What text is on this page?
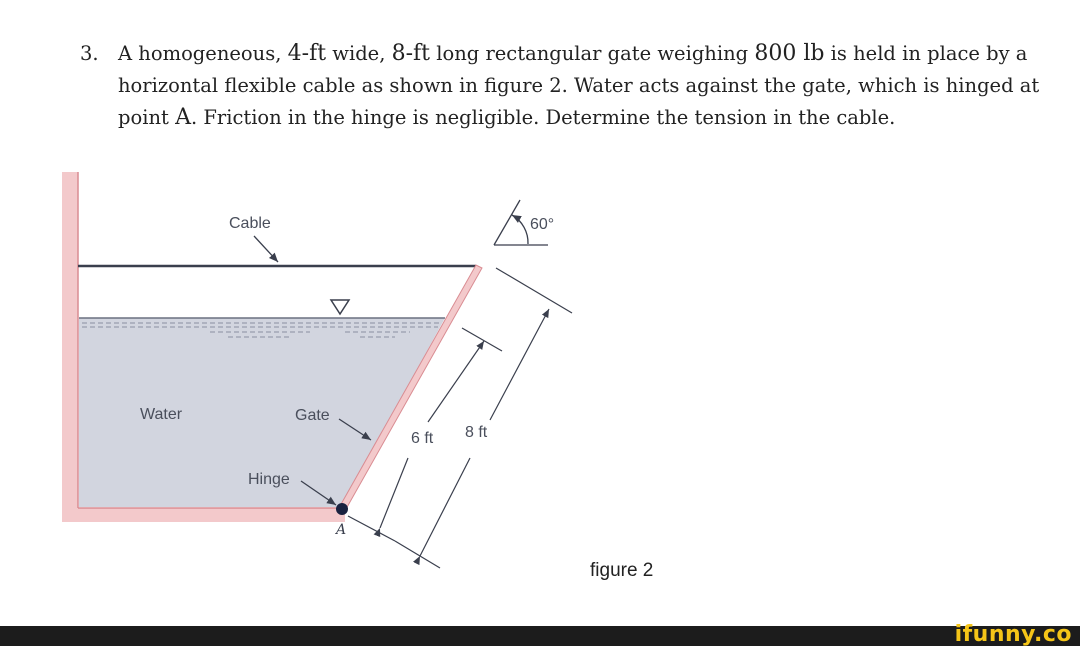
3. A homogeneous, 4-ft wide, 8-ft long rectangular gate weighing 800 lb is held in place by a
horizontal flexible cable as shown in figure 2. Water acts against the gate, which is hinged at
point A. Friction in the hinge is negligible. Determine the tension in the cable.
Cable
Water	Gate
Hinge
A
60°
6 ft 8 ft
figure 2
ifunny.co
